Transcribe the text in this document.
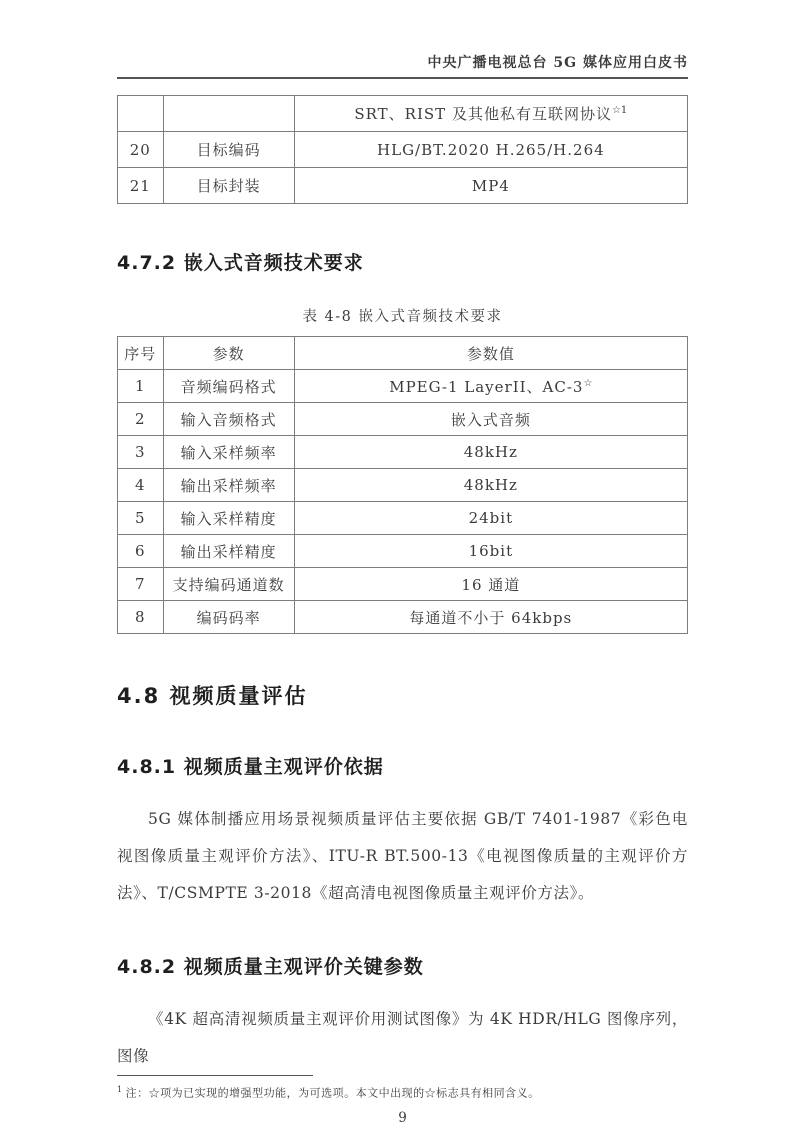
中央广播电视总台 5G 媒体应用白皮书
		SRT、RIST 及其他私有互联网协议$^{☆1}$
20	目标编码	HLG/BT.2020 H.265/H.264
21	目标封装	MP4
4.7.2 嵌入式音频技术要求
表 4-8 嵌入式音频技术要求
序号	参数	参数值
1	音频编码格式	MPEG-1 LayerII、AC-3☆
2	输入音频格式	嵌入式音频
3	输入采样频率	48kHz
4	输出采样频率	48kHz
5	输入采样精度	24bit
6	输出采样精度	16bit
7	支持编码通道数	16 通道
8	编码码率	每通道不小于 64kbps
4.8 视频质量评估
4.8.1 视频质量主观评价依据

5G 媒体制播应用场景视频质量评估主要依据 GB/T 7401-1987《彩色电视图像质量主观评价方法》、ITU-R BT.500-13《电视图像质量的主观评价方法》、T/CSMPTE 3-2018《超高清电视图像质量主观评价方法》。

4.8.2 视频质量主观评价关键参数

《4K 超高清视频质量主观评价用测试图像》为 4K HDR/HLG 图像序列，图像

$^1$ 注：☆项为已实现的增强型功能，为可选项。本文中出现的☆标志具有相同含义。
9
